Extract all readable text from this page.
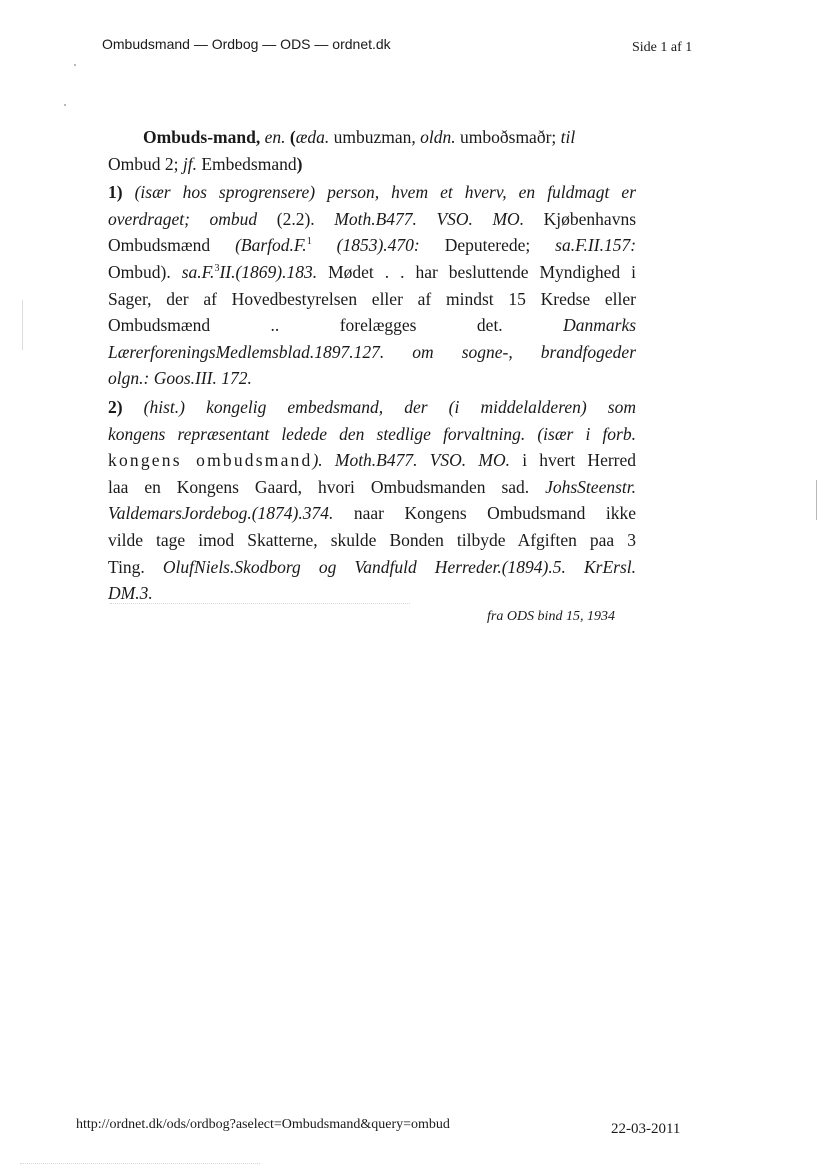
Ombudsmand — Ordbog — ODS — ordnet.dk	Side 1 af 1

Ombuds-mand, en. (æda. umbuzman, oldn. umboðsmaðr; til

Ombud 2; jf. Embedsmand)

1) (især hos sprogrensere) person, hvem et hverv, en fuldmagt er

overdraget; ombud (2.2). Moth.B477. VSO. MO. Kjøbenhavns

Ombudsmænd (Barfod.F.$^1$ (1853).470: Deputerede; sa.F.II.157:

Ombud). sa.F.$^3$II.(1869).183. Mødet . . har besluttende Myndighed i

Sager, der af Hovedbestyrelsen eller af mindst 15 Kredse eller

Ombudsmænd	..	forelægges	det.	Danmarks

LærerforeningsMedlemsblad.1897.127. om sogne-, brandfogeder

olgn.: Goos.III. 172.

2) (hist.) kongelig embedsmand, der (i middelalderen) som

kongens repræsentant ledede den stedlige forvaltning. (især i forb.

kongens ombudsmand). Moth.B477. VSO. MO. i hvert Herred

laa en Kongens Gaard, hvori Ombudsmanden sad. JohsSteenstr.

ValdemarsJordebog.(1874).374. naar Kongens Ombudsmand ikke

vilde tage imod Skatterne, skulde Bonden tilbyde Afgiften paa 3

Ting. OlufNiels.Skodborg og Vandfuld Herreder.(1894).5. KrErsl.

DM.3.

fra ODS bind 15, 1934
http://ordnet.dk/ods/ordbog?aselect=Ombudsmand&query=ombud	22-03-2011
